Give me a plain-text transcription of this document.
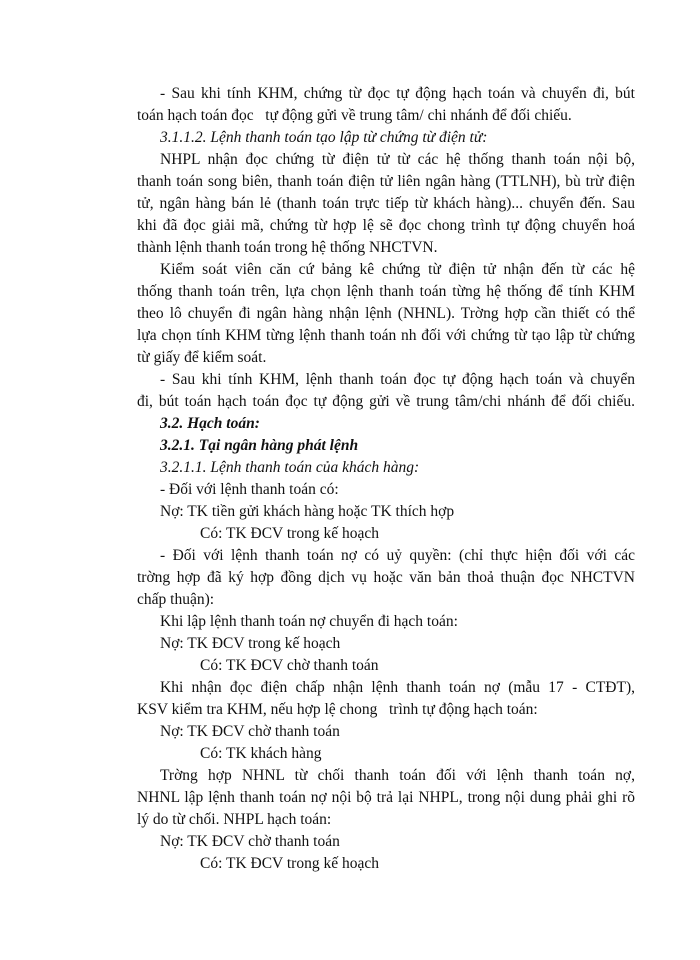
- Sau khi tính KHM, chứng từ đọc tự động hạch toán và chuyển đi, bút

toán hạch toán đọc   tự động gửi về trung tâm/ chi nhánh để đối chiếu.

3.1.1.2. Lệnh thanh toán tạo lập từ chứng từ điện tử:

NHPL nhận đọc chứng từ điện tử từ các hệ thống thanh toán nội bộ,

thanh toán song biên, thanh toán điện tử liên ngân hàng (TTLNH), bù trừ điện

tử, ngân hàng bán lẻ (thanh toán trực tiếp từ khách hàng)... chuyển đến. Sau

khi đã đọc giải mã, chứng từ hợp lệ sẽ đọc chong trình tự động chuyển hoá

thành lệnh thanh toán trong hệ thống NHCTVN.

Kiểm soát viên căn cứ bảng kê chứng từ điện tử nhận đến từ các hệ

thống thanh toán trên, lựa chọn lệnh thanh toán từng hệ thống để tính KHM

theo lô chuyển đi ngân hàng nhận lệnh (NHNL). Trờng hợp cần thiết có thể

lựa chọn tính KHM từng lệnh thanh toán nh đối với chứng từ tạo lập từ chứng

từ giấy để kiểm soát.

- Sau khi tính KHM, lệnh thanh toán đọc tự động hạch toán và chuyển

đi, bút toán hạch toán đọc tự động gửi về trung tâm/chi nhánh để đối chiếu.

3.2. Hạch toán:

3.2.1. Tại ngân hàng phát lệnh

3.2.1.1. Lệnh thanh toán của khách hàng:

- Đối với lệnh thanh toán có:

Nợ: TK tiền gửi khách hàng hoặc TK thích hợp

Có: TK ĐCV trong kế hoạch

- Đối với lệnh thanh toán nợ có uỷ quyền: (chỉ thực hiện đối với các

trờng hợp đã ký hợp đồng dịch vụ hoặc văn bản thoả thuận đọc NHCTVN

chấp thuận):

Khi lập lệnh thanh toán nợ chuyển đi hạch toán:

Nợ: TK ĐCV trong kế hoạch

Có: TK ĐCV chờ thanh toán

Khi nhận đọc điện chấp nhận lệnh thanh toán nợ (mẫu 17 - CTĐT),

KSV kiểm tra KHM, nếu hợp lệ chong   trình tự động hạch toán:

Nợ: TK ĐCV chờ thanh toán

Có: TK khách hàng

Trờng hợp NHNL từ chối thanh toán đối với lệnh thanh toán nợ,

NHNL lập lệnh thanh toán nợ nội bộ trả lại NHPL, trong nội dung phải ghi rõ

lý do từ chối. NHPL hạch toán:

Nợ: TK ĐCV chờ thanh toán

Có: TK ĐCV trong kế hoạch
